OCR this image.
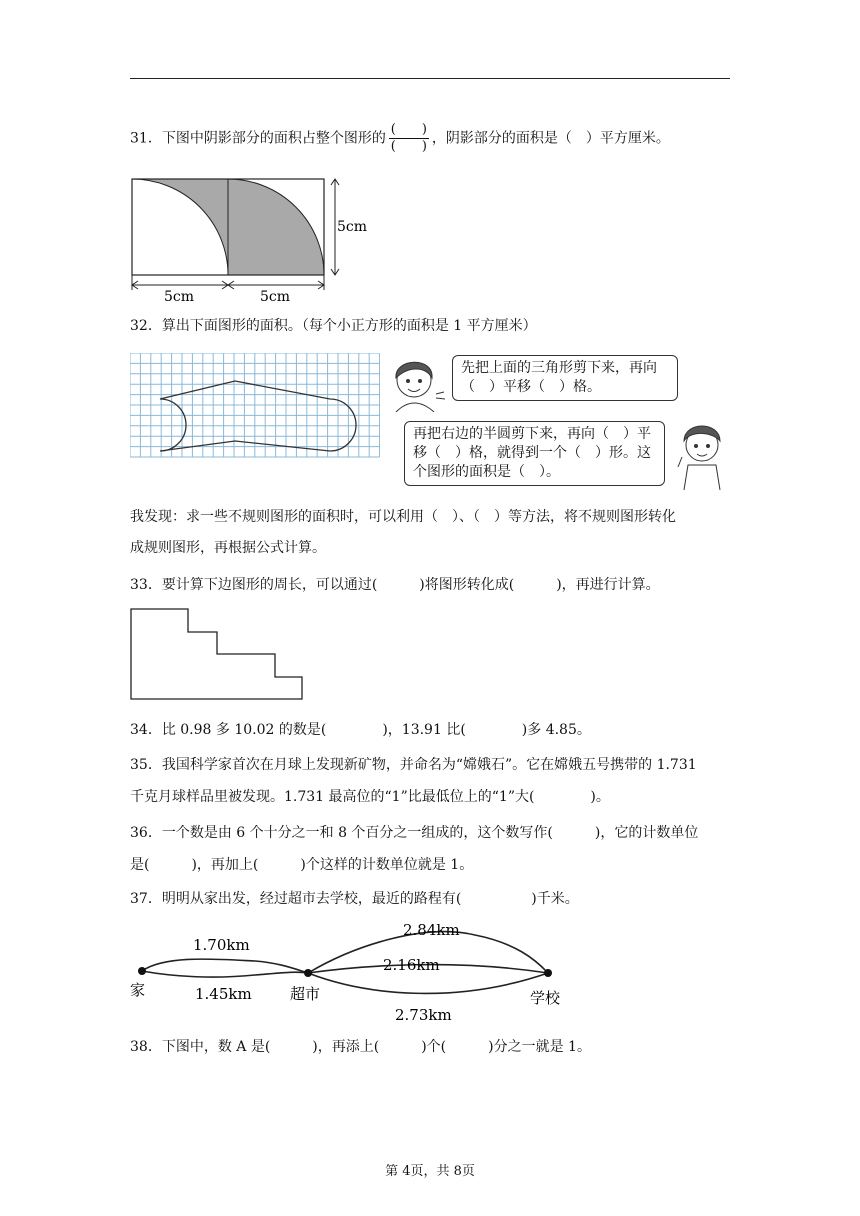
31．下图中阴影部分的面积占整个图形的 $\frac{( )}{( )}$ ，阴影部分的面积是（　）平方厘米。
5cm
5cm	5cm
32．算出下面图形的面积。（每个小正方形的面积是 1 平方厘米）
先把上面的三角形剪下来，再向（　）平移（　）格。
再把右边的半圆剪下来，再向（　）平移（　）格，就得到一个（　）形。这个图形的面积是（　）。
我发现：求一些不规则图形的面积时，可以利用（　）、（　）等方法，将不规则图形转化
成规则图形，再根据公式计算。
33．要计算下边图形的周长，可以通过(　　　)将图形转化成(　　　)，再进行计算。
34．比 0.98 多 10.02 的数是(　　　　)，13.91 比(　　　　)多 4.85。
35．我国科学家首次在月球上发现新矿物，并命名为“嫦娥石”。它在嫦娥五号携带的 1.731
千克月球样品里被发现。1.731 最高位的“1”比最低位上的“1”大(　　　　)。
36．一个数是由 6 个十分之一和 8 个百分之一组成的，这个数写作(　　　)，它的计数单位
是(　　　)，再加上(　　　)个这样的计数单位就是 1。
37．明明从家出发，经过超市去学校，最近的路程有(　　　　　)千米。
家	超市	学校
1.70km
1.45km
2.84km
2.16km
2.73km
38．下图中，数 A 是(　　　)，再添上(　　　)个(　　　)分之一就是 1。
第 4页，共 8页
